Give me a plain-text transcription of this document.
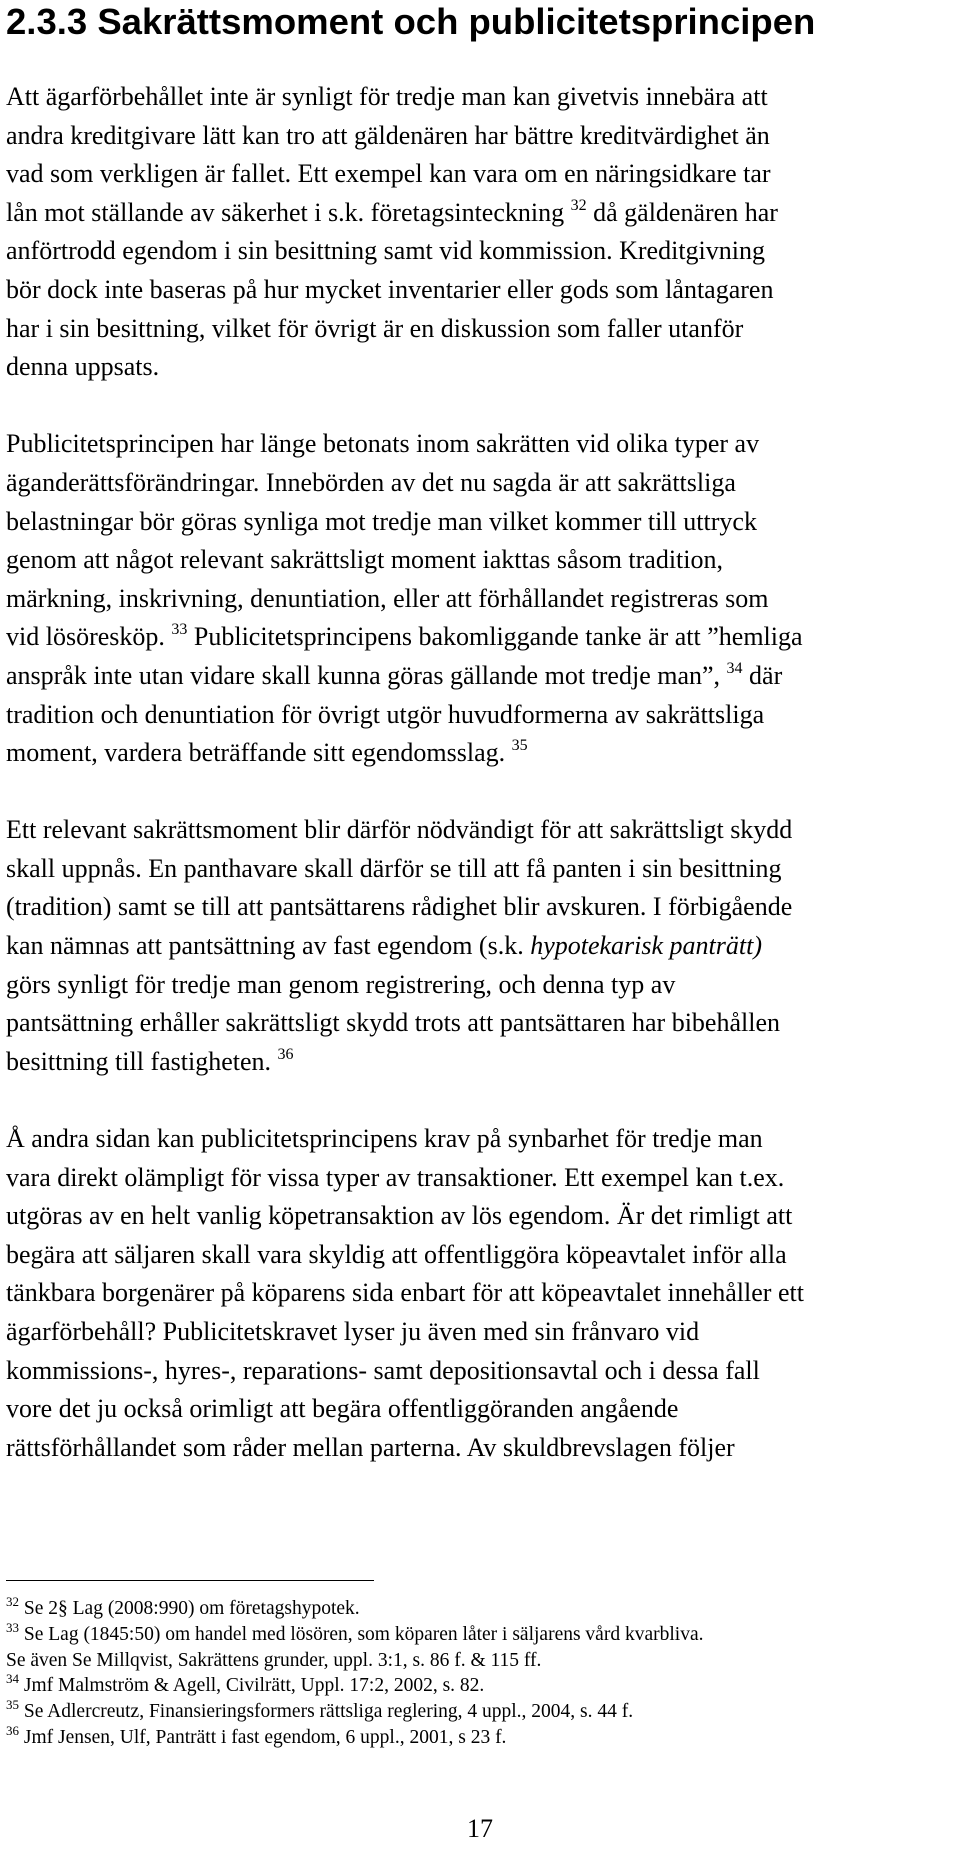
2.3.3 Sakrättsmoment och publicitetsprincipen
Att ägarförbehållet inte är synligt för tredje man kan givetvis innebära att
andra kreditgivare lätt kan tro att gäldenären har bättre kreditvärdighet än
vad som verkligen är fallet. Ett exempel kan vara om en näringsidkare tar
lån mot ställande av säkerhet i s.k. företagsinteckning $^{32}$ då gäldenären har
anförtrodd egendom i sin besittning samt vid kommission. Kreditgivning
bör dock inte baseras på hur mycket inventarier eller gods som låntagaren
har i sin besittning, vilket för övrigt är en diskussion som faller utanför
denna uppsats.
Publicitetsprincipen har länge betonats inom sakrätten vid olika typer av
äganderättsförändringar. Innebörden av det nu sagda är att sakrättsliga
belastningar bör göras synliga mot tredje man vilket kommer till uttryck
genom att något relevant sakrättsligt moment iakttas såsom tradition,
märkning, inskrivning, denuntiation, eller att förhållandet registreras som
vid lösöresköp. $^{33}$ Publicitetsprincipens bakomliggande tanke är att ”hemliga
anspråk inte utan vidare skall kunna göras gällande mot tredje man”, $^{34}$ där
tradition och denuntiation för övrigt utgör huvudformerna av sakrättsliga
moment, vardera beträffande sitt egendomsslag. $^{35}$
Ett relevant sakrättsmoment blir därför nödvändigt för att sakrättsligt skydd
skall uppnås. En panthavare skall därför se till att få panten i sin besittning
(tradition) samt se till att pantsättarens rådighet blir avskuren. I förbigående
kan nämnas att pantsättning av fast egendom (s.k. hypotekarisk panträtt)
görs synligt för tredje man genom registrering, och denna typ av
pantsättning erhåller sakrättsligt skydd trots att pantsättaren har bibehållen
besittning till fastigheten. $^{36}$
Å andra sidan kan publicitetsprincipens krav på synbarhet för tredje man
vara direkt olämpligt för vissa typer av transaktioner. Ett exempel kan t.ex.
utgöras av en helt vanlig köpetransaktion av lös egendom. Är det rimligt att
begära att säljaren skall vara skyldig att offentliggöra köpeavtalet inför alla
tänkbara borgenärer på köparens sida enbart för att köpeavtalet innehåller ett
ägarförbehåll? Publicitetskravet lyser ju även med sin frånvaro vid
kommissions-, hyres-, reparations- samt depositionsavtal och i dessa fall
vore det ju också orimligt att begära offentliggöranden angående
rättsförhållandet som råder mellan parterna. Av skuldbrevslagen följer
$^{32}$ Se 2§ Lag (2008:990) om företagshypotek.
$^{33}$ Se Lag (1845:50) om handel med lösören, som köparen låter i säljarens vård kvarbliva.
Se även Se Millqvist, Sakrättens grunder, uppl. 3:1, s. 86 f. & 115 ff.
$^{34}$ Jmf Malmström & Agell, Civilrätt, Uppl. 17:2, 2002, s. 82.
$^{35}$ Se Adlercreutz, Finansieringsformers rättsliga reglering, 4 uppl., 2004, s. 44 f.
$^{36}$ Jmf Jensen, Ulf, Panträtt i fast egendom, 6 uppl., 2001, s 23 f.
17
